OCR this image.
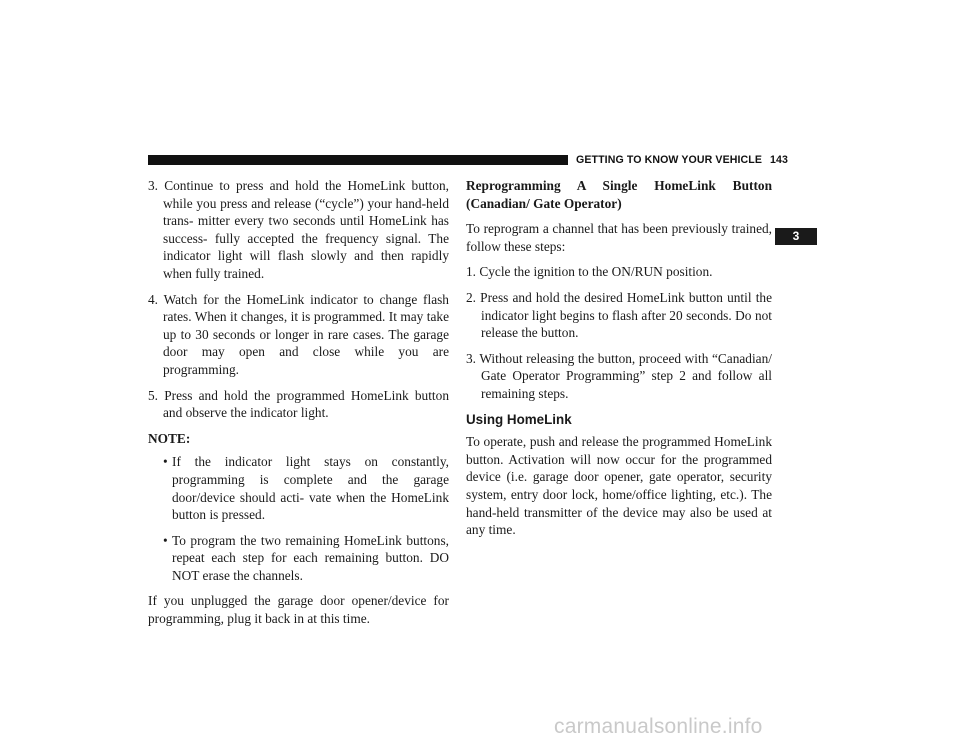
GETTING TO KNOW YOUR VEHICLE 143
3

3. Continue to press and hold the HomeLink button, while you press and release (“cycle”) your hand-held trans- mitter every two seconds until HomeLink has success- fully accepted the frequency signal. The indicator light will flash slowly and then rapidly when fully trained.

4. Watch for the HomeLink indicator to change flash rates. When it changes, it is programmed. It may take up to 30 seconds or longer in rare cases. The garage door may open and close while you are programming.

5. Press and hold the programmed HomeLink button and observe the indicator light.

NOTE:

• If the indicator light stays on constantly, programming is complete and the garage door/device should acti- vate when the HomeLink button is pressed.

• To program the two remaining HomeLink buttons, repeat each step for each remaining button. DO NOT erase the channels.

If you unplugged the garage door opener/device for programming, plug it back in at this time.

Reprogramming A Single HomeLink Button (Canadian/ Gate Operator)

To reprogram a channel that has been previously trained, follow these steps:

1. Cycle the ignition to the ON/RUN position.

2. Press and hold the desired HomeLink button until the indicator light begins to flash after 20 seconds. Do not release the button.

3. Without releasing the button, proceed with “Canadian/ Gate Operator Programming” step 2 and follow all remaining steps.

Using HomeLink

To operate, push and release the programmed HomeLink button. Activation will now occur for the programmed device (i.e. garage door opener, gate operator, security system, entry door lock, home/office lighting, etc.). The hand-held transmitter of the device may also be used at any time.

carmanualsonline.info
